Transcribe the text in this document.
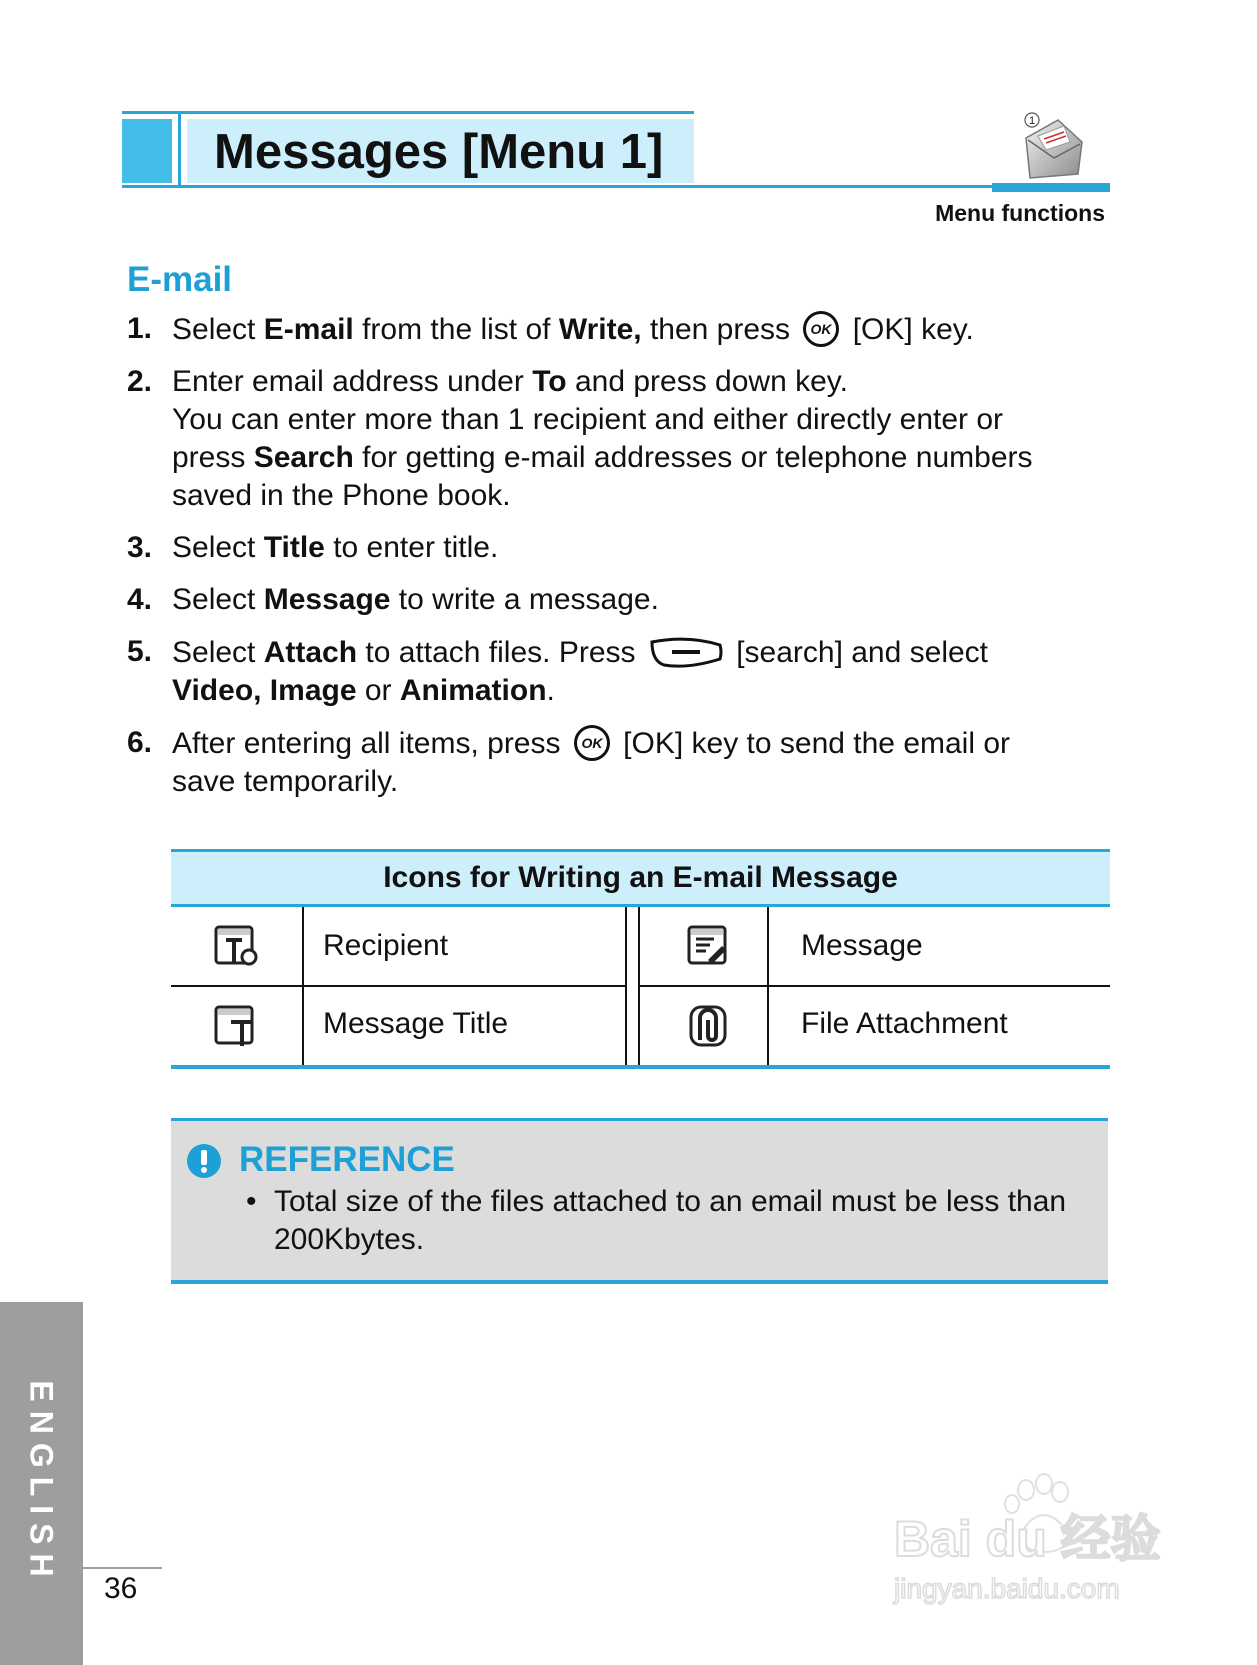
Messages [Menu 1]
1
Menu functions
E-mail
1. Select E-mail from the list of Write, then press OK [OK] key.
2. Enter email address under To and press down key.
You can enter more than 1 recipient and either directly enter or
press Search for getting e-mail addresses or telephone numbers
saved in the Phone book.
3. Select Title to enter title.
4. Select Message to write a message.
5. Select Attach to attach files. Press	[search] and select
Video, Image or Animation.
6. After entering all items, press OK [OK] key to send the email or
save temporarily.
Icons for Writing an E-mail Message
Recipient	Message
Message Title	File Attachment
REFERENCE
• Total size of the files attached to an email must be less than 200Kbytes.
ENGLISH
36
Bai du 经验
jingyan.baidu.com
